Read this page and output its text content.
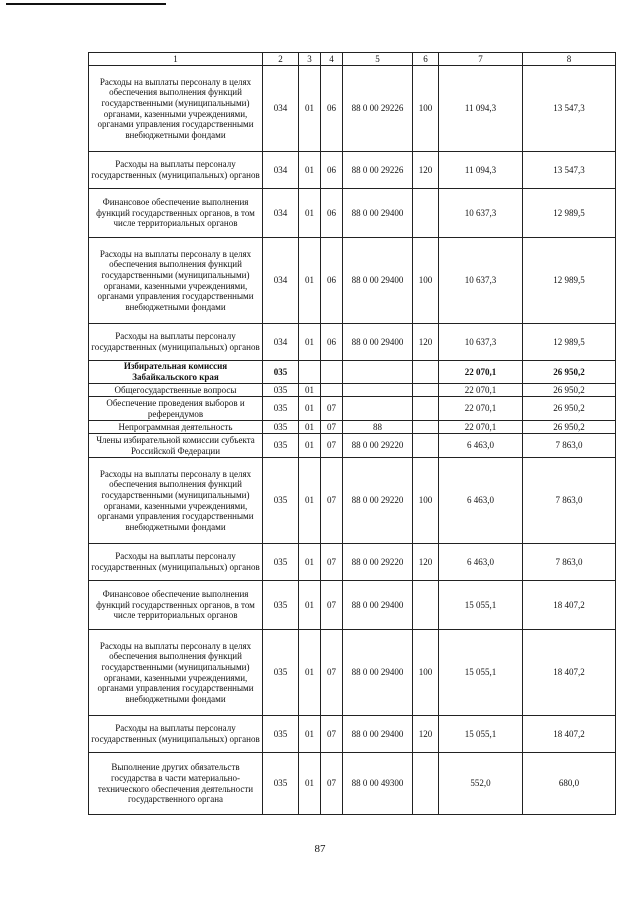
1	2	3	4	5	6	7	8
Расходы на выплаты персоналу в целях обеспечения выполнения функций государственными (муниципальными) органами, казенными учреждениями, органами управления государственными внебюджетными фондами	034	01	06	88 0 00 29226	100	11 094,3	13 547,3
Расходы на выплаты персоналу государственных (муниципальных) органов	034	01	06	88 0 00 29226	120	11 094,3	13 547,3
Финансовое обеспечение выполнения функций государственных органов, в том числе территориальных органов	034	01	06	88 0 00 29400		10 637,3	12 989,5
Расходы на выплаты персоналу в целях обеспечения выполнения функций государственными (муниципальными) органами, казенными учреждениями, органами управления государственными внебюджетными фондами	034	01	06	88 0 00 29400	100	10 637,3	12 989,5
Расходы на выплаты персоналу государственных (муниципальных) органов	034	01	06	88 0 00 29400	120	10 637,3	12 989,5
Избирательная комиссия Забайкальского края	035					22 070,1	26 950,2
Общегосударственные вопросы	035	01				22 070,1	26 950,2
Обеспечение проведения выборов и референдумов	035	01	07			22 070,1	26 950,2
Непрограммная деятельность	035	01	07	88		22 070,1	26 950,2
Члены избирательной комиссии субъекта Российской Федерации	035	01	07	88 0 00 29220		6 463,0	7 863,0
Расходы на выплаты персоналу в целях обеспечения выполнения функций государственными (муниципальными) органами, казенными учреждениями, органами управления государственными внебюджетными фондами	035	01	07	88 0 00 29220	100	6 463,0	7 863,0
Расходы на выплаты персоналу государственных (муниципальных) органов	035	01	07	88 0 00 29220	120	6 463,0	7 863,0
Финансовое обеспечение выполнения функций государственных органов, в том числе территориальных органов	035	01	07	88 0 00 29400		15 055,1	18 407,2
Расходы на выплаты персоналу в целях обеспечения выполнения функций государственными (муниципальными) органами, казенными учреждениями, органами управления государственными внебюджетными фондами	035	01	07	88 0 00 29400	100	15 055,1	18 407,2
Расходы на выплаты персоналу государственных (муниципальных) органов	035	01	07	88 0 00 29400	120	15 055,1	18 407,2
Выполнение других обязательств государства в части материально-технического обеспечения деятельности государственного органа	035	01	07	88 0 00 49300		552,0	680,0
87
